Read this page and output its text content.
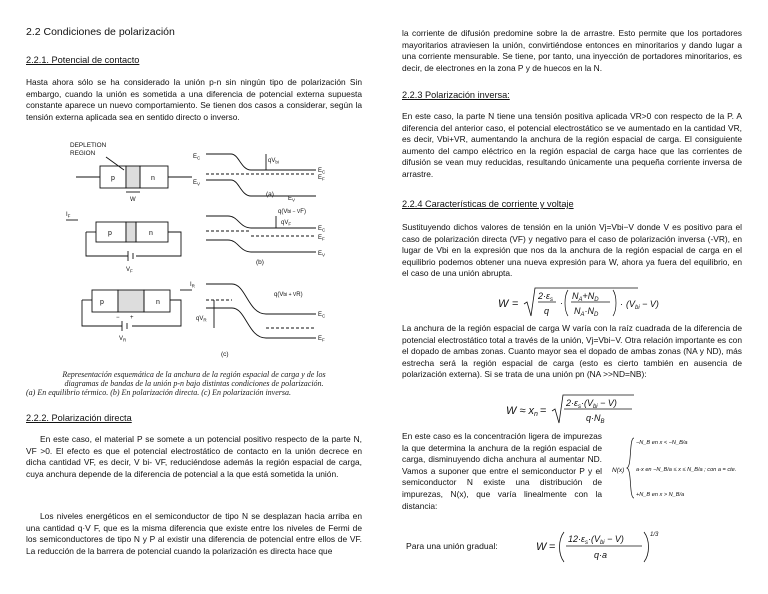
2.2 Condiciones de polarización
2.2.1. Potencial de contacto
Hasta ahora sólo se ha considerado la unión p-n sin ningún tipo de polarización Sin embargo, cuando la unión es sometida a una diferencia de potencial externa supuesta constante aparece un nuevo comportamiento. Se tienen dos casos a considerar, según la tensión externa aplicada sea en sentido directo o inverso.
DEPLETION
REGION
p	n
W
$E_C$	$qV_{bi}$
$E_C$
$E_F$
$E_V$
$E_V$
(a)
$I_F$
p	n
$V_F$
q(Vbi − VF)
$qV_F$
$E_C$
$E_F$
$E_V$
(b)
$I_R$
p	n
− +
$V_R$
q(Vbi + VR)
$qV_R$
$E_C$
$E_F$
(c)
Representación esquemática de la anchura de la región espacial de carga y de los
diagramas de bandas de la unión p-n bajo distintas condiciones de polarización.
(a) En equilibrio térmico. (b) En polarización directa. (c) En polarización inversa.
2.2.2. Polarización directa
En este caso, el material P se somete a un potencial positivo respecto de la parte N, VF >0. El efecto es que el potencial electrostático de contacto en la unión decrece en dicha cantidad VF, es decir, V bi- VF, reduciéndose además la región espacial de carga, cuya anchura depende de la diferencia de potencial a la que está sometida la unión.
Los niveles energéticos en el semiconductor de tipo N se desplazan hacia arriba en una cantidad q·V F, que es la misma diferencia que existe entre los niveles de Fermi de los semiconductores de tipo N y P al existir una diferencia de potencial entre ellos de VF. La reducción de la barrera de potencial cuando la polarización es directa hace que
la corriente de difusión predomine sobre la de arrastre. Esto permite que los portadores mayoritarios atraviesen la unión, convirtiéndose entonces en minoritarios y dando lugar a una corriente mensurable. Se tiene, por tanto, una inyección de portadores minoritarios, es decir, de electrones en la zona P y de huecos en la N.
2.2.3 Polarización inversa:
En este caso, la parte N tiene una tensión positiva aplicada VR>0 con respecto de la P. A diferencia del anterior caso, el potencial electrostático se ve aumentado en la cantidad VR, es decir, Vbi+VR, aumentando la anchura de la región espacial de carga. El consiguiente aumento del campo eléctrico en la región espacial de carga hace que las corrientes de difusión se vean muy reducidas, resultando únicamente una pequeña corriente inversa de arrastre.
2.2.4 Características de corriente y voltaje
Sustituyendo dichos valores de tensión en la unión Vj=Vbi−V donde V es positivo para el caso de polarización directa (VF) y negativo para el caso de polarización inversa (-VR), en lugar de Vbi en la expresión que nos da la anchura de la región espacial de carga en el equilibrio podemos obtener una nueva expresión para W, ahora ya fuera del equilibrio, en el caso de una unión abrupta.
W =
$2\cdot\varepsilon_s$
q
·
$N_A+N_D$
$N_A\cdot N_D$
· $(V_{bi} - V)$
La anchura de la región espacial de carga W varía con la raíz cuadrada de la diferencia de potencial electrostático total a través de la unión, Vj=Vbi−V. Otra relación importante es con el dopado de ambas zonas. Cuanto mayor sea el dopado de ambas zonas (NA y ND), más estrecha será la región espacial de carga (esto es cierto también en ausencia de polarización externa). Si se trata de una unión pn (NA >>ND=NB):
W ≈ xn =
$2\cdot\varepsilon_s\cdot(V_{bi} - V)$
$q\cdot N_B$
En este caso es la concentración ligera de impurezas la que determina la anchura de la región espacial de carga, disminuyendo dicha anchura al aumentar ND. Vamos a suponer que entre el semiconductor P y el semiconductor N existe una distribución de impurezas, N(x), que varía linealmente con la distancia:
N(x)
−N_B en x < −N_B/a
a·x en −N_B/a ≤ x ≤ N_B/a ; con a = cte.
+N_B en x > N_B/a
Para una unión gradual:	W =
$12\cdot\varepsilon_s\cdot(V_{bi} - V)$
q·a
1/3
